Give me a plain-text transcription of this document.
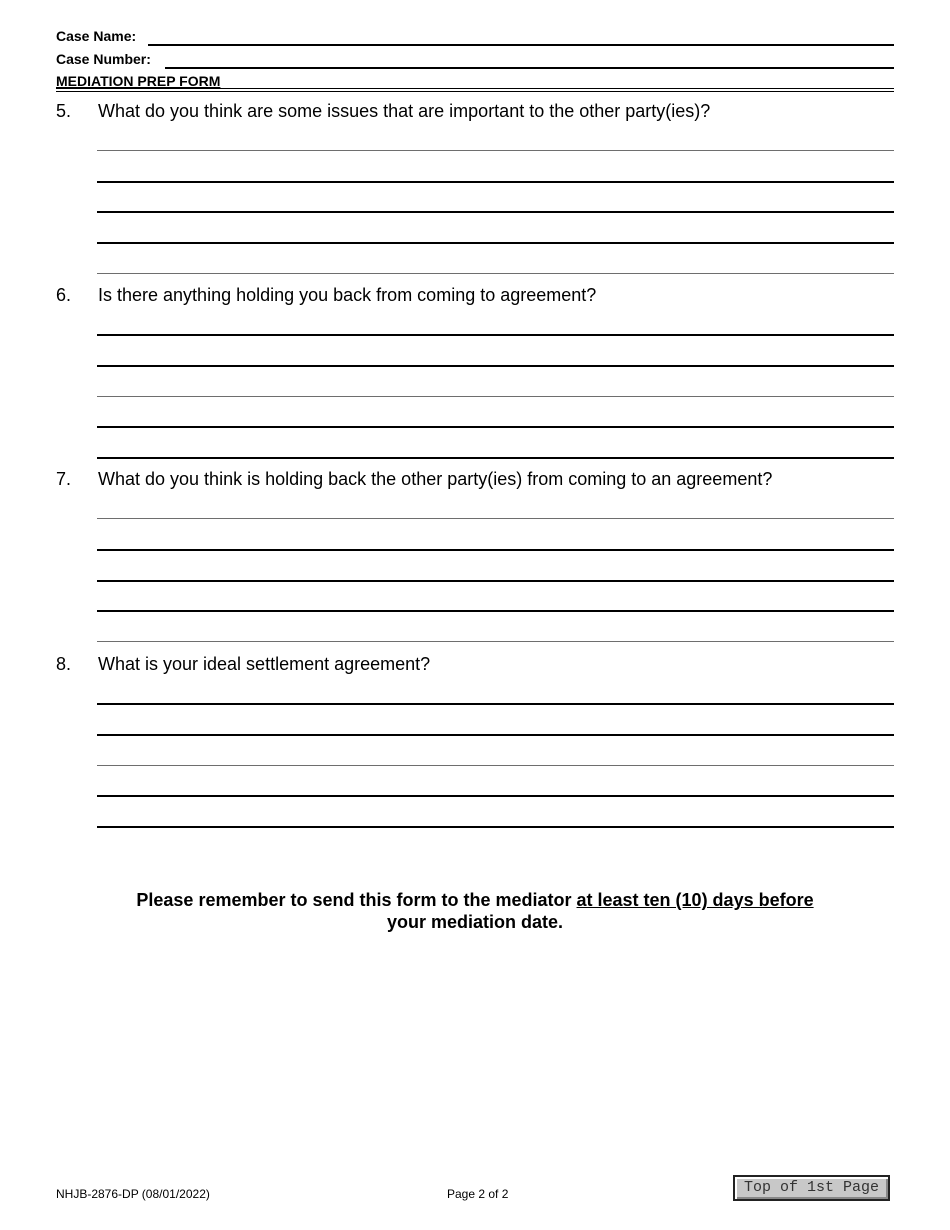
Case Name:
Case Number:
MEDIATION PREP FORM
5. What do you think are some issues that are important to the other party(ies)?
6. Is there anything holding you back from coming to agreement?
7. What do you think is holding back the other party(ies) from coming to an agreement?
8. What is your ideal settlement agreement?
Please remember to send this form to the mediator at least ten (10) days before
your mediation date.
NHJB-2876-DP (08/01/2022)	Page 2 of 2	Top of 1st Page
